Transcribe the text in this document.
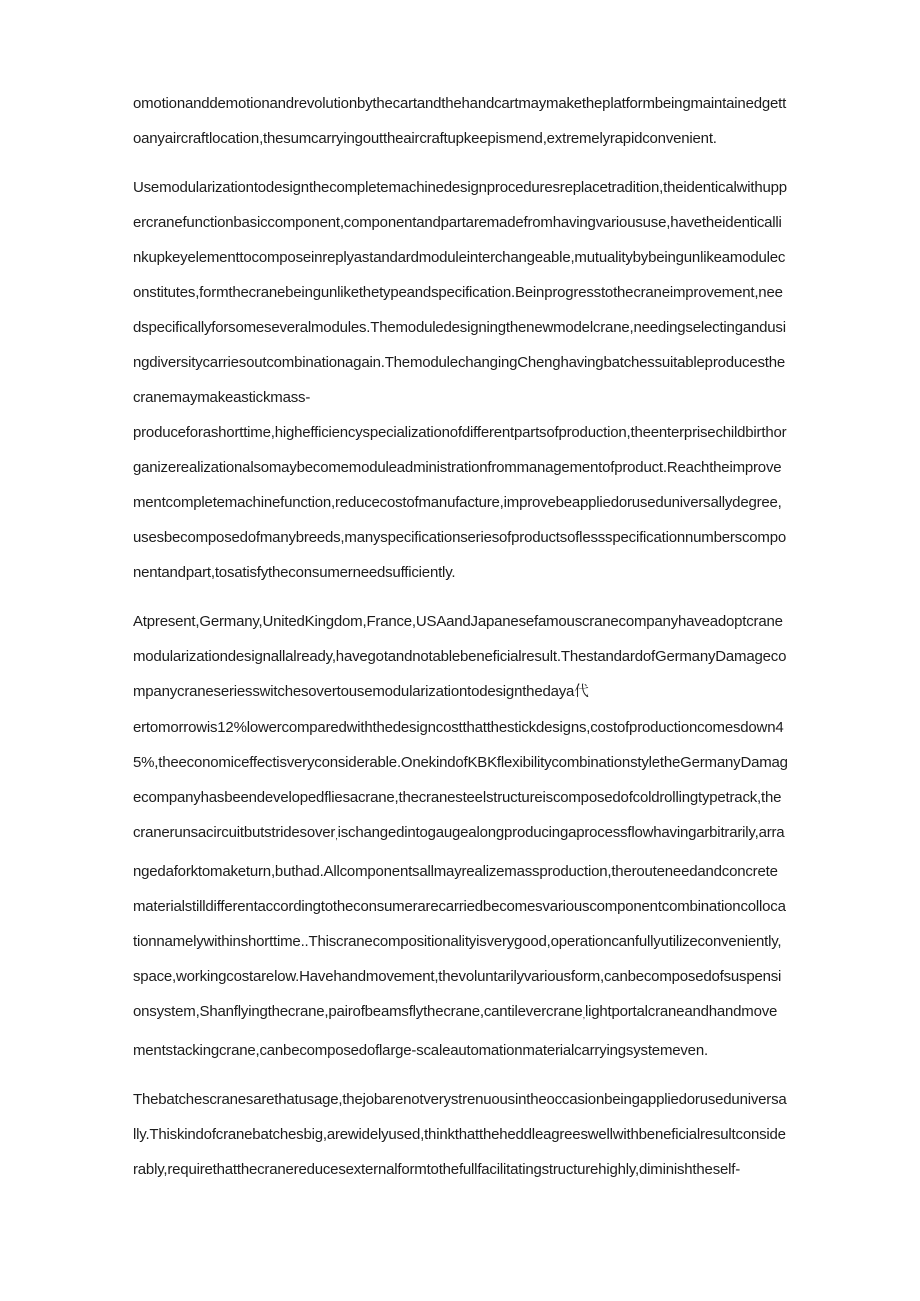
omotionanddemotionandrevolutionbythecartandthehandcartmaymaketheplatformbeingmaintainedgettoanyaircraftlocation,thesumcarryingouttheaircraftupkeepismend,extremelyrapidconvenient.

Usemodularizationtodesignthecompletemachinedesignproceduresreplacetradition,theidenticalwithuppercranefunctionbasiccomponent,componentandpartaremadefromhavingvarioususe,havetheidenticallinkupkeyelementtocomposeinreplyastandardmoduleinterchangeable,mutualitybybeingunlikeamoduleconstitutes,formthecranebeingunlikethetypeandspecification.Beinprogresstothecraneimprovement,needspecificallyforsomeseveralmodules.Themoduledesigningthenewmodelcrane,needingselectingandusingdiversitycarriesoutcombinationagain.ThemodulechangingChenghavingbatchessuitableproducesthecranemaymakeastickmass-
produceforashorttime,highefficiencyspecializationofdifferentpartsofproduction,theenterprisechildbirthorganizerealizationalsomaybecomemoduleadministrationfrommanagementofproduct.Reachtheimprovementcompletemachinefunction,reducecostofmanufacture,improvebeappliedoruseduniversallydegree,usesbecomposedofmanybreeds,manyspecificationseriesofproductsoflessspecificationnumberscomponentandpart,tosatisfytheconsumerneedsufficiently.

Atpresent,Germany,UnitedKingdom,France,USAandJapanesefamouscranecompanyhaveadoptcranemodularizationdesignallalready,havegotandnotablebeneficialresult.ThestandardofGermanyDamagecompanycraneseriesswitchesovertousemodularizationtodesignthedaya代
ertomorrowis12%lowercomparedwiththedesigncostthatthestickdesigns,costofproductioncomesdown45%,theeconomiceffectisveryconsiderable.OnekindofKBKflexibilitycombinationstyletheGermanyDamagecompanyhasbeendevelopedfliesacrane,thecranesteelstructureiscomposedofcoldrollingtypetrack,thecranerunsacircuitbutstridesover,ischangedintogaugealongproducingaprocessflowhavingarbitrarily,arrangedaforktomaketurn,buthad.Allcomponentsallmayrealizemassproduction,therouteneedandconcretematerialstilldifferentaccordingtotheconsumerarecarriedbecomesvariouscomponentcombinationcollocationnamelywithinshorttime..Thiscranecompositionalityisverygood,operationcanfullyutilizeconveniently,space,workingcostarelow.Havehandmovement,thevoluntarilyvariousform,canbecomposedofsuspensionsystem,Shanflyingthecrane,pairofbeamsflythecrane,cantilevercrane,lightportalcraneandhandmovementstackingcrane,canbecomposedoflarge-scaleautomationmaterialcarryingsystemeven.

Thebatchescranesarethatusage,thejobarenotverystrenuousintheoccasionbeingappliedoruseduniversally.Thiskindofcranebatchesbig,arewidelyused,thinkthattheheddleagreeswellwithbeneficialresultconsiderably,requirethatthecranereducesexternalformtothefullfacilitatingstructurehighly,diminishtheself-
